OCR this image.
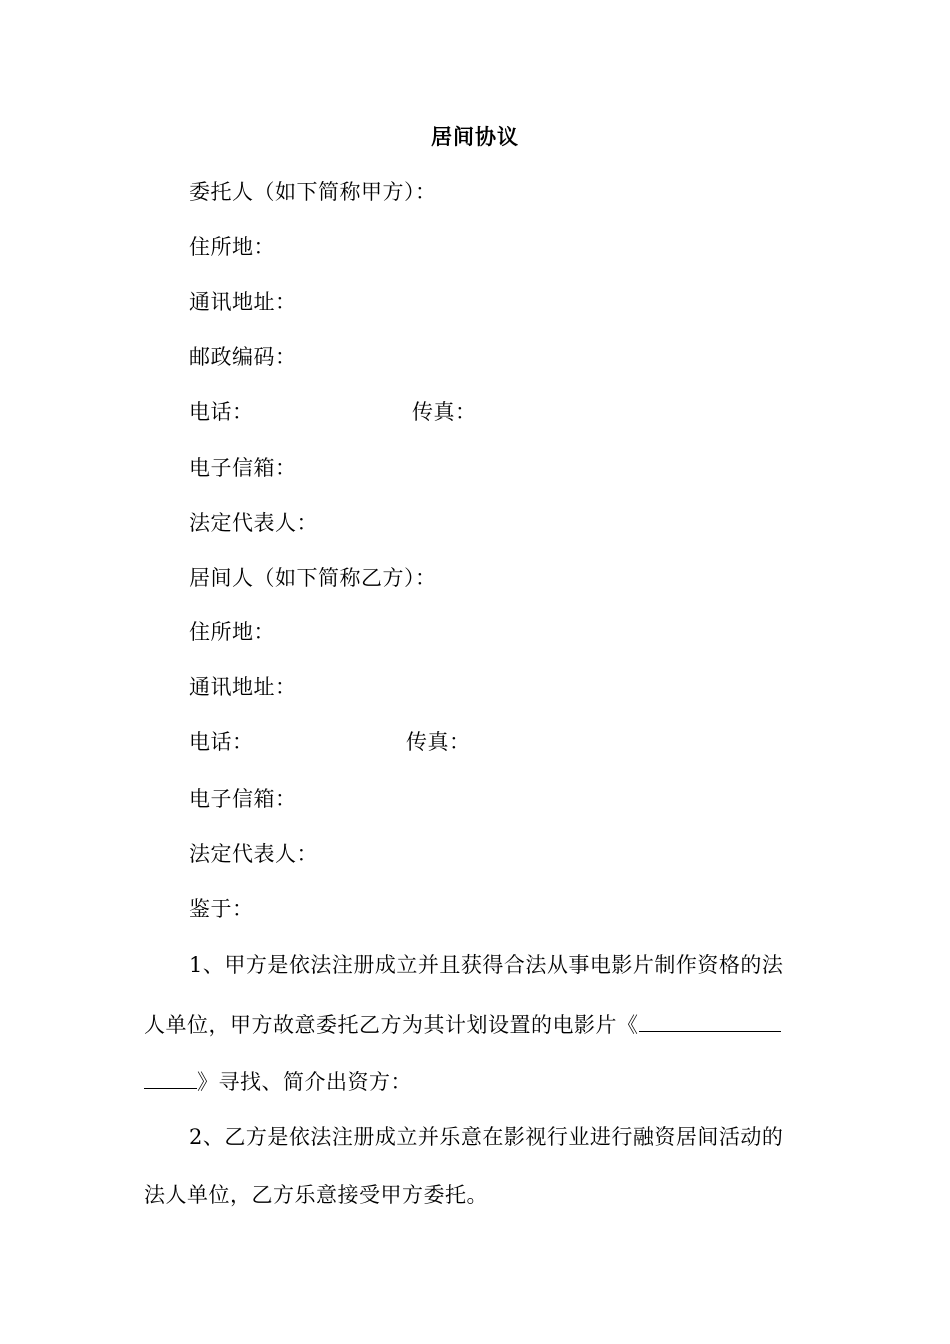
居间协议
委托人（如下简称甲方）：
住所地：
通讯地址：
邮政编码：
电话：	传真：
电子信箱：
法定代表人：
居间人（如下简称乙方）：
住所地：
通讯地址：
电话：	传真：
电子信箱：
法定代表人：
鉴于：
1、甲方是依法注册成立并且获得合法从事电影片制作资格的法
人单位，甲方故意委托乙方为其计划设置的电影片《
》寻找、简介出资方：
2、乙方是依法注册成立并乐意在影视行业进行融资居间活动的
法人单位，乙方乐意接受甲方委托。
